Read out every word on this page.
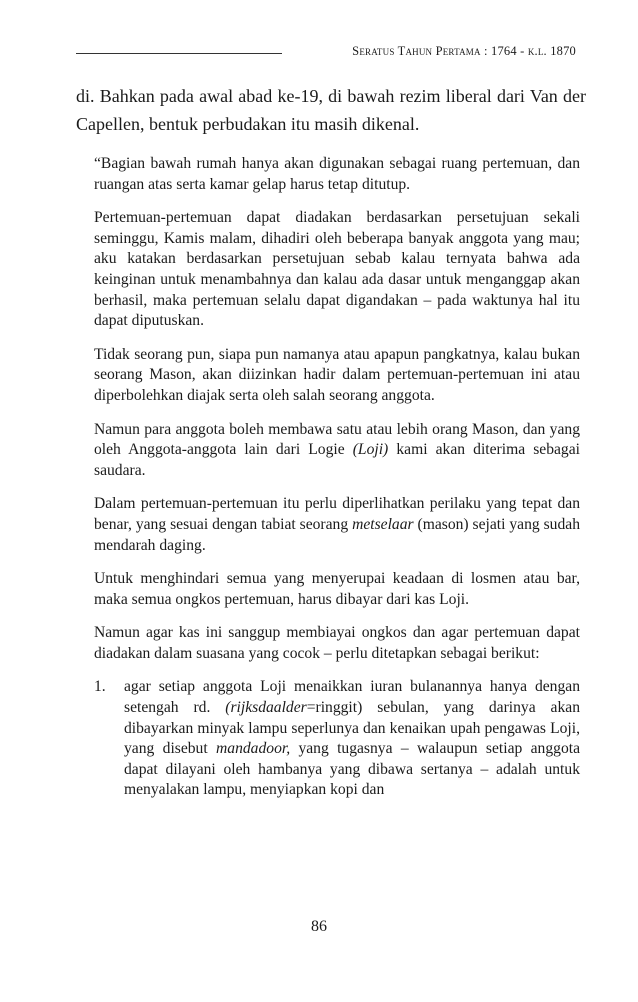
Seratus Tahun Pertama : 1764 - k.l. 1870
di. Bahkan pada awal abad ke-19, di bawah rezim liberal dari Van der Capellen, bentuk perbudakan itu masih dikenal.

“Bagian bawah rumah hanya akan digunakan sebagai ruang pertemuan, dan ruangan atas serta kamar gelap harus tetap ditutup.

Pertemuan-pertemuan dapat diadakan berdasarkan persetujuan sekali seminggu, Kamis malam, dihadiri oleh beberapa banyak anggota yang mau; aku katakan berdasarkan persetujuan sebab kalau ternyata bahwa ada keinginan untuk menambahnya dan kalau ada dasar untuk menganggap akan berhasil, maka pertemuan selalu dapat digandakan – pada waktunya hal itu dapat diputuskan.

Tidak seorang pun, siapa pun namanya atau apapun pangkatnya, kalau bukan seorang Mason, akan diizinkan hadir dalam pertemuan-pertemuan ini atau diperbolehkan diajak serta oleh salah seorang anggota.

Namun para anggota boleh membawa satu atau lebih orang Mason, dan yang oleh Anggota-anggota lain dari Logie (Loji) kami akan diterima sebagai saudara.

Dalam pertemuan-pertemuan itu perlu diperlihatkan perilaku yang tepat dan benar, yang sesuai dengan tabiat seorang metselaar (mason) sejati yang sudah mendarah daging.

Untuk menghindari semua yang menyerupai keadaan di losmen atau bar, maka semua ongkos pertemuan, harus dibayar dari kas Loji.

Namun agar kas ini sanggup membiayai ongkos dan agar pertemuan dapat diadakan dalam suasana yang cocok – perlu ditetapkan sebagai berikut:

1. agar setiap anggota Loji menaikkan iuran bulanannya hanya dengan setengah rd. (rijksdaalder=ringgit) sebulan, yang darinya akan dibayarkan minyak lampu seperlunya dan kenaikan upah pengawas Loji, yang disebut mandadoor, yang tugasnya – walaupun setiap anggota dapat dilayani oleh hambanya yang dibawa sertanya – adalah untuk menyalakan lampu, menyiapkan kopi dan
86
